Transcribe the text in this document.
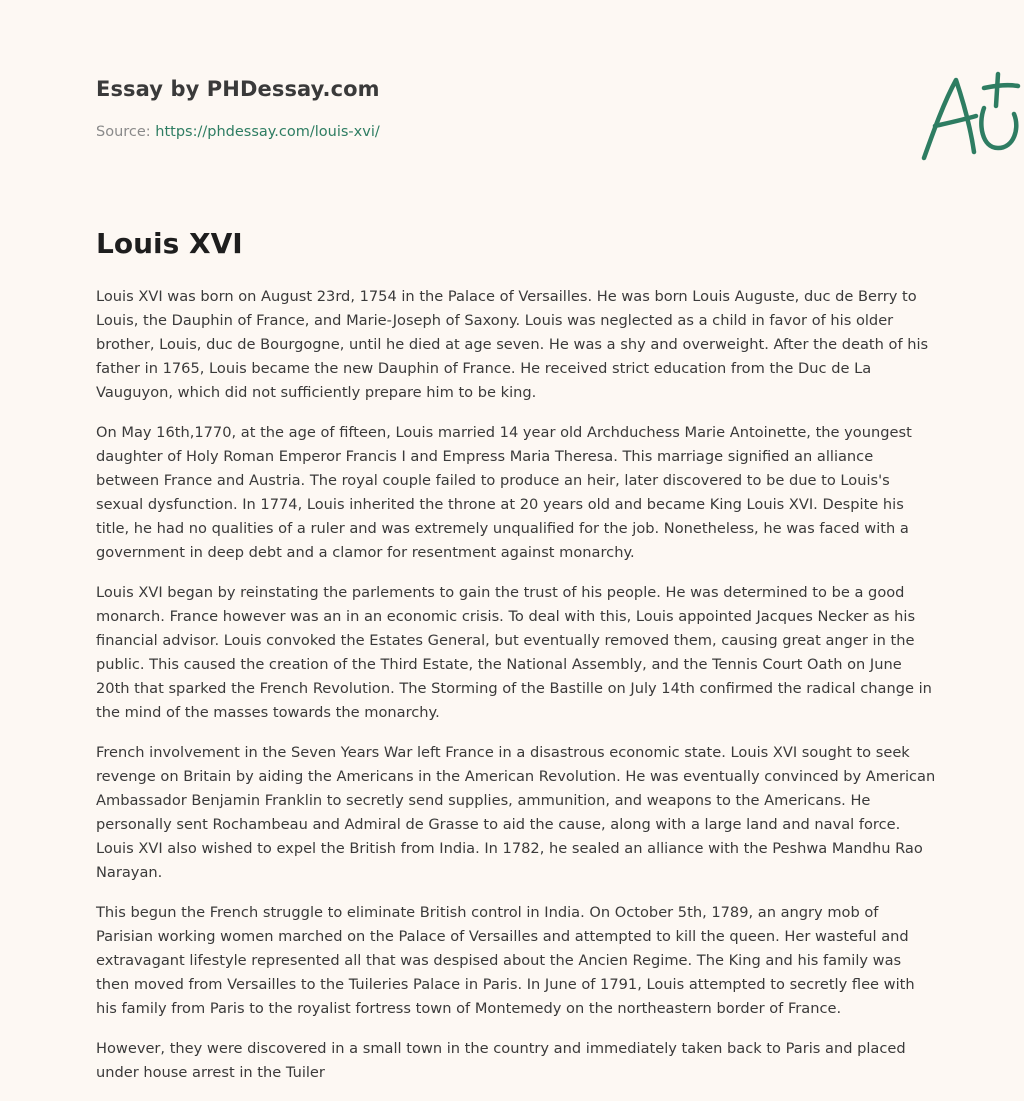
Essay by PHDessay.com
Source: https://phdessay.com/louis-xvi/
Louis XVI

Louis XVI was born on August 23rd, 1754 in the Palace of Versailles. He was born Louis Auguste, duc de Berry to Louis, the Dauphin of France, and Marie-Joseph of Saxony. Louis was neglected as a child in favor of his older brother, Louis, duc de Bourgogne, until he died at age seven. He was a shy and overweight. After the death of his father in 1765, Louis became the new Dauphin of France. He received strict education from the Duc de La Vauguyon, which did not sufficiently prepare him to be king.

On May 16th,1770, at the age of fifteen, Louis married 14 year old Archduchess Marie Antoinette, the youngest daughter of Holy Roman Emperor Francis I and Empress Maria Theresa. This marriage signified an alliance between France and Austria. The royal couple failed to produce an heir, later discovered to be due to Louis's sexual dysfunction. In 1774, Louis inherited the throne at 20 years old and became King Louis XVI. Despite his title, he had no qualities of a ruler and was extremely unqualified for the job. Nonetheless, he was faced with a government in deep debt and a clamor for resentment against monarchy.

Louis XVI began by reinstating the parlements to gain the trust of his people. He was determined to be a good monarch. France however was an in an economic crisis. To deal with this, Louis appointed Jacques Necker as his financial advisor. Louis convoked the Estates General, but eventually removed them, causing great anger in the public. This caused the creation of the Third Estate, the National Assembly, and the Tennis Court Oath on June 20th that sparked the French Revolution. The Storming of the Bastille on July 14th confirmed the radical change in the mind of the masses towards the monarchy.

French involvement in the Seven Years War left France in a disastrous economic state. Louis XVI sought to seek revenge on Britain by aiding the Americans in the American Revolution. He was eventually convinced by American Ambassador Benjamin Franklin to secretly send supplies, ammunition, and weapons to the Americans. He personally sent Rochambeau and Admiral de Grasse to aid the cause, along with a large land and naval force. Louis XVI also wished to expel the British from India. In 1782, he sealed an alliance with the Peshwa Mandhu Rao Narayan.

This begun the French struggle to eliminate British control in India. On October 5th, 1789, an angry mob of Parisian working women marched on the Palace of Versailles and attempted to kill the queen. Her wasteful and extravagant lifestyle represented all that was despised about the Ancien Regime. The King and his family was then moved from Versailles to the Tuileries Palace in Paris. In June of 1791, Louis attempted to secretly flee with his family from Paris to the royalist fortress town of Montemedy on the northeastern border of France.

However, they were discovered in a small town in the country and immediately taken back to Paris and placed under house arrest in the Tuiler
